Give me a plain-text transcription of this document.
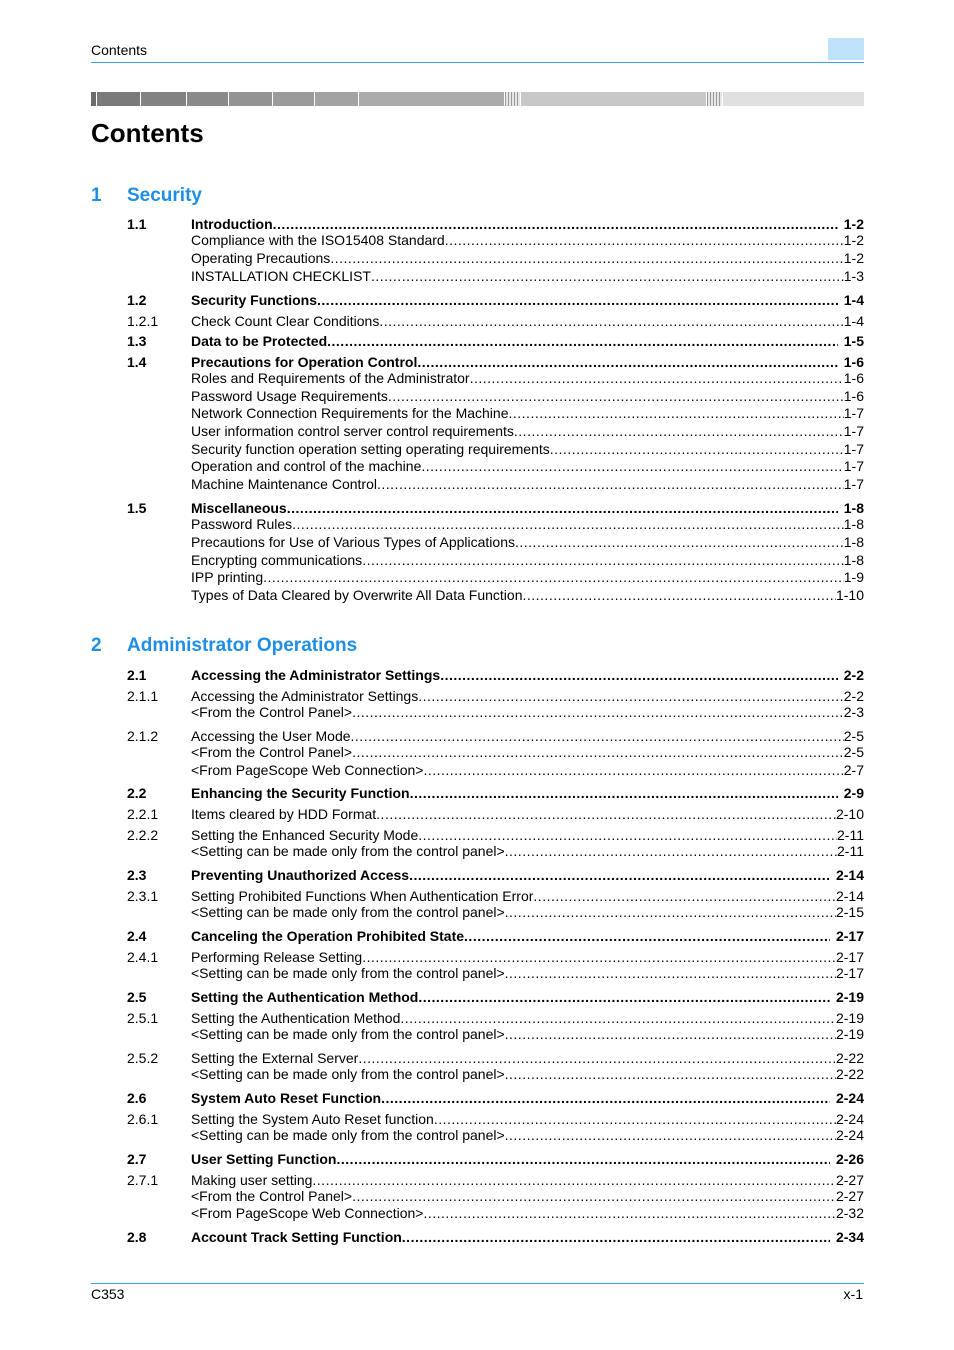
Contents
Contents
1 Security
2 Administrator Operations
1.1	Introduction .....	1-2
Compliance with the ISO15408 Standard .....	1-2
Operating Precautions .....	1-2
INSTALLATION CHECKLIST .....	1-3
1.2	Security Functions .....	1-4
1.2.1 Check Count Clear Conditions .....	1-4
1.3	Data to be Protected .....	1-5
1.4	Precautions for Operation Control .....	1-6
Roles and Requirements of the Administrator .....	1-6
Password Usage Requirements .....	1-6
Network Connection Requirements for the Machine .....	1-7
User information control server control requirements .....	1-7
Security function operation setting operating requirements .....	1-7
Operation and control of the machine .....	1-7
Machine Maintenance Control .....	1-7
1.5	Miscellaneous .....	1-8
Password Rules .....	1-8
Precautions for Use of Various Types of Applications .....	1-8
Encrypting communications .....	1-8
IPP printing .....	1-9
Types of Data Cleared by Overwrite All Data Function .....	1-10
2.1	Accessing the Administrator Settings .....	2-2
2.1.1 Accessing the Administrator Settings .....	2-2
<From the Control Panel> .....	2-3
2.1.2 Accessing the User Mode .....	2-5
<From the Control Panel> .....	2-5
<From PageScope Web Connection> .....	2-7
2.2	Enhancing the Security Function .....	2-9
2.2.1 Items cleared by HDD Format .....	2-10
2.2.2 Setting the Enhanced Security Mode .....	2-11
<Setting can be made only from the control panel> .....	2-11
2.3	Preventing Unauthorized Access .....	2-14
2.3.1 Setting Prohibited Functions When Authentication Error .....	2-14
<Setting can be made only from the control panel> .....	2-15
2.4	Canceling the Operation Prohibited State .....	2-17
2.4.1 Performing Release Setting .....	2-17
<Setting can be made only from the control panel> .....	2-17
2.5	Setting the Authentication Method .....	2-19
2.5.1 Setting the Authentication Method .....	2-19
<Setting can be made only from the control panel> .....	2-19
2.5.2 Setting the External Server .....	2-22
<Setting can be made only from the control panel> .....	2-22
2.6	System Auto Reset Function .....	2-24
2.6.1 Setting the System Auto Reset function .....	2-24
<Setting can be made only from the control panel> .....	2-24
2.7	User Setting Function .....	2-26
2.7.1 Making user setting .....	2-27
<From the Control Panel> .....	2-27
<From PageScope Web Connection> .....	2-32
2.8	Account Track Setting Function .....	2-34
C353	x-1
